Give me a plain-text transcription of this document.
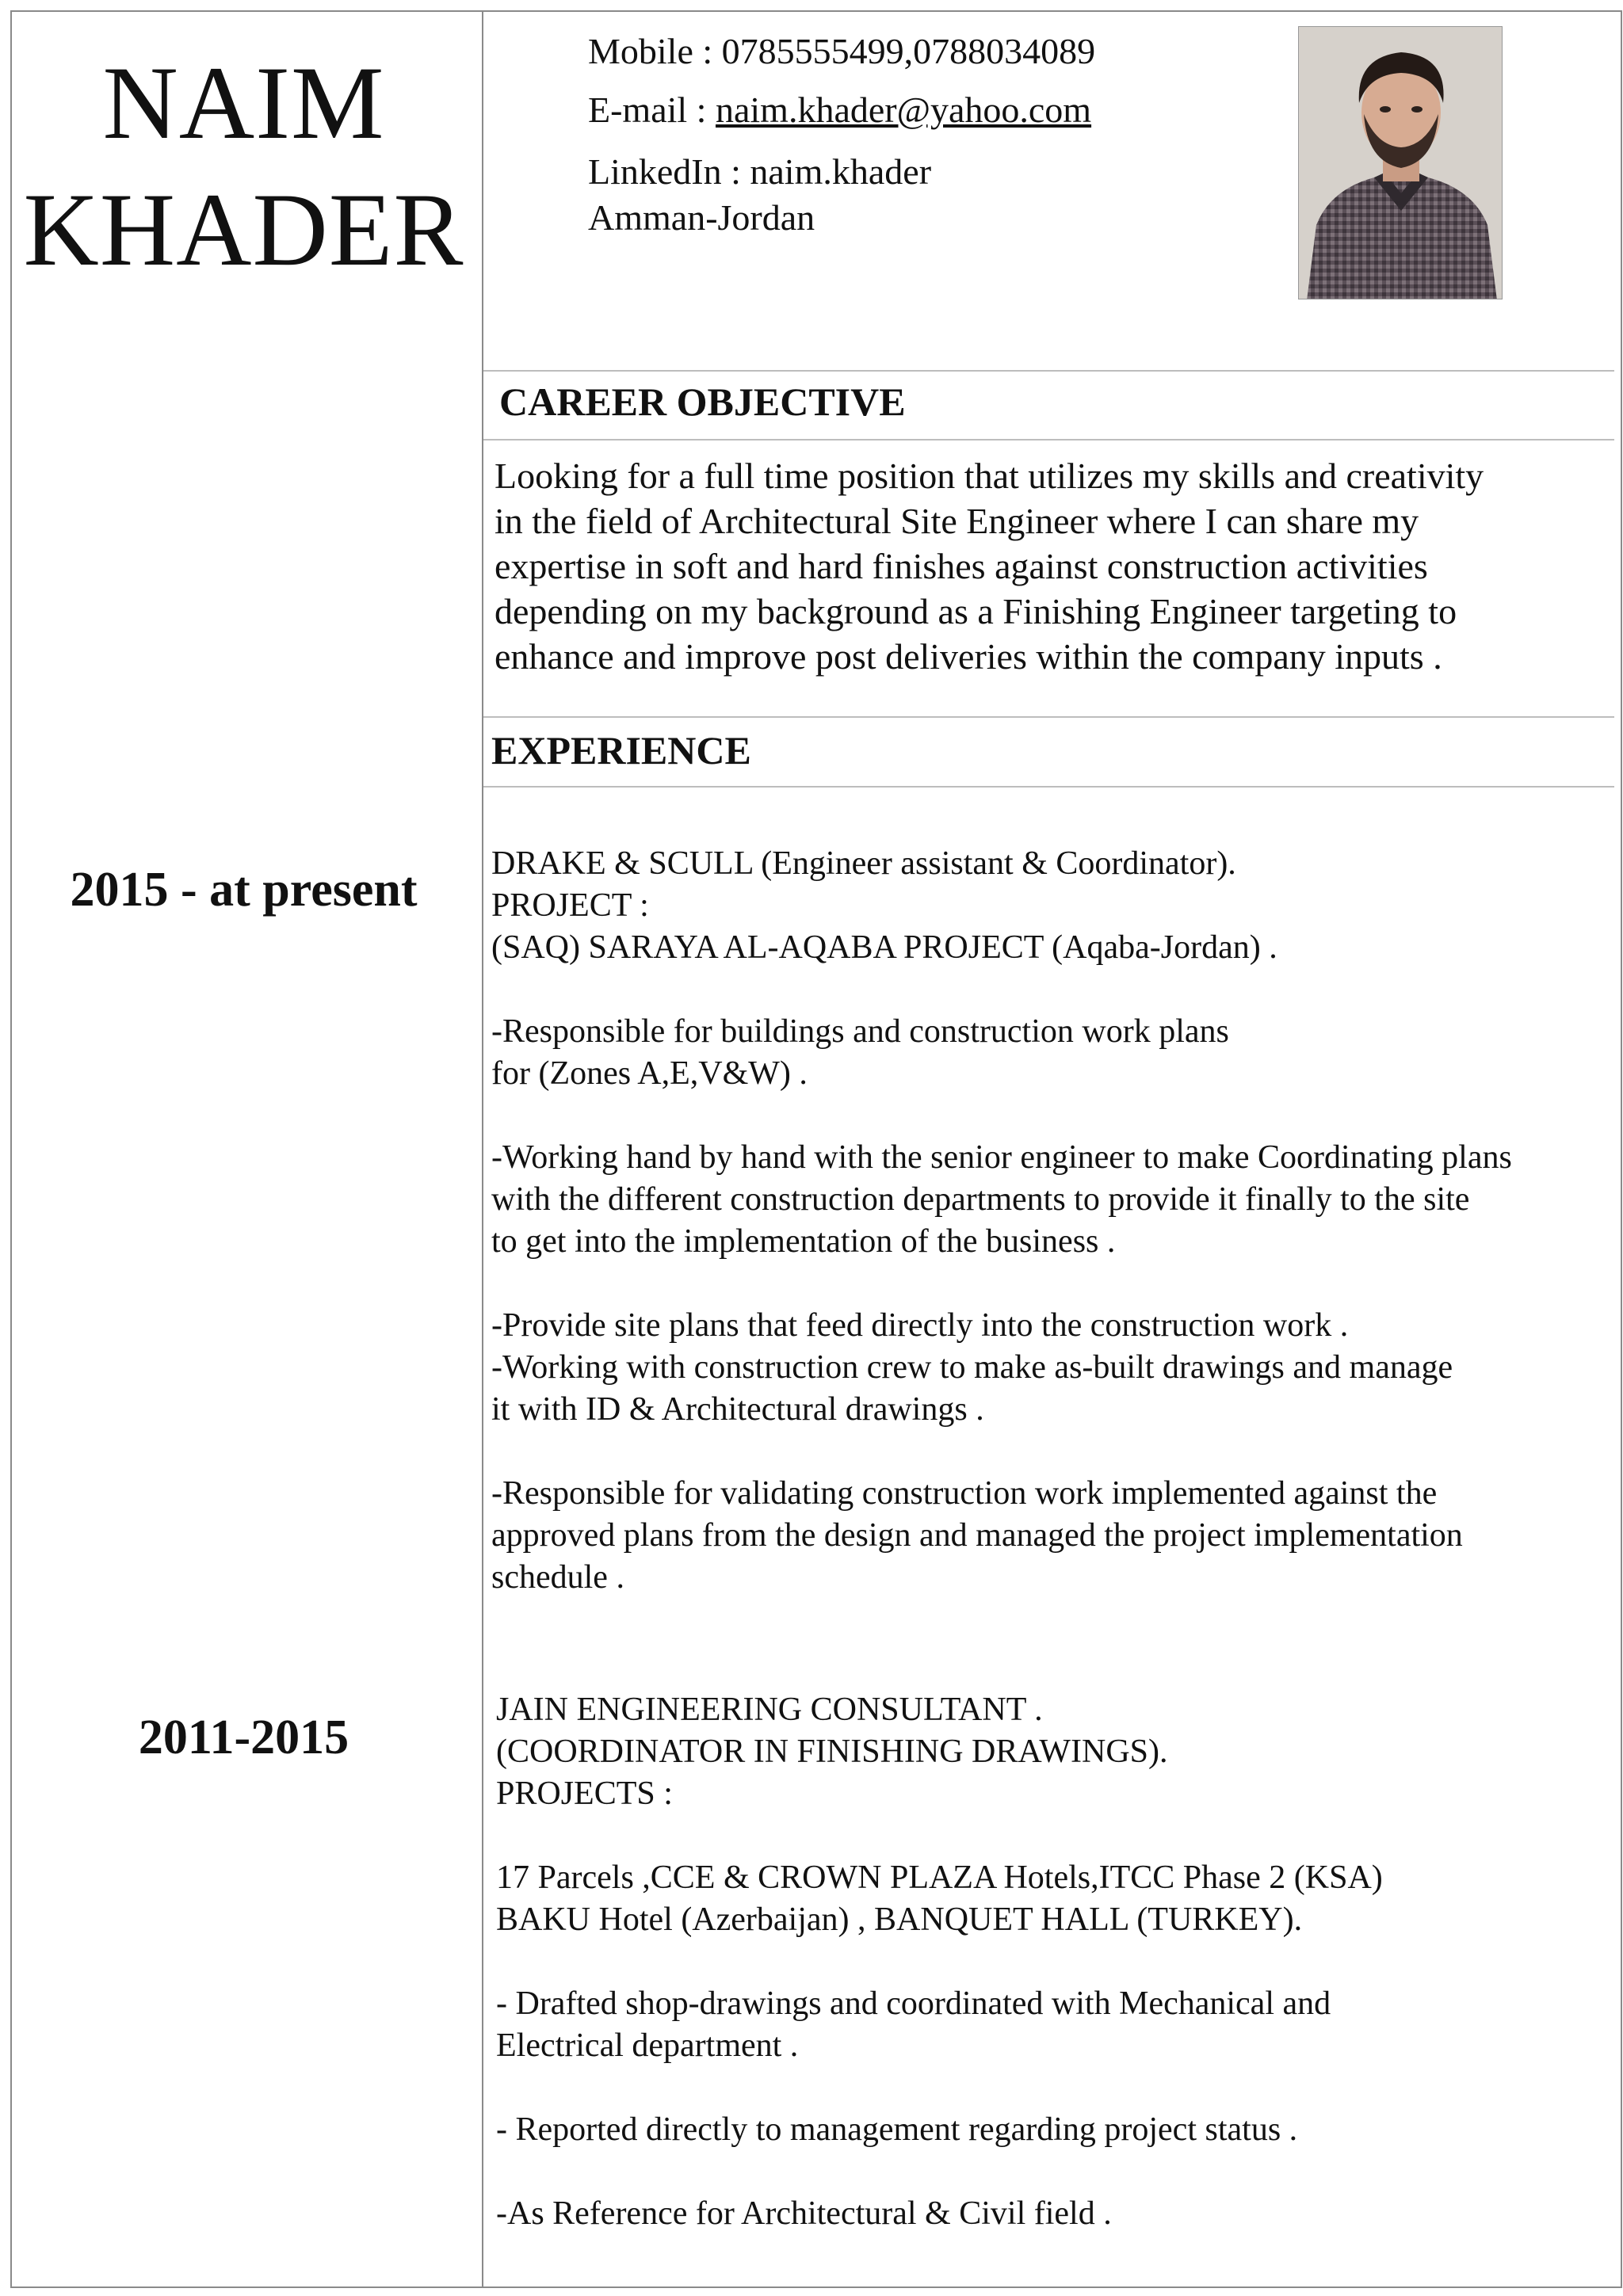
NAIM
KHADER
Mobile : 0785555499,0788034089
E-mail : naim.khader@yahoo.com
LinkedIn : naim.khader
Amman-Jordan
CAREER OBJECTIVE
Looking for a full time position that utilizes my skills and creativity
in the field of Architectural Site Engineer where I can share my
expertise in soft and hard finishes against construction activities
depending on my background as a Finishing Engineer targeting to
enhance and improve post deliveries within the company inputs .
EXPERIENCE
2015 - at present	DRAKE & SCULL (Engineer assistant & Coordinator).
PROJECT :
(SAQ) SARAYA AL-AQABA PROJECT (Aqaba-Jordan) .
-Responsible for buildings and construction work plans
for (Zones A,E,V&W) .
-Working hand by hand with the senior engineer to make Coordinating plans
with the different construction departments to provide it finally to the site
to get into the implementation of the business .
-Provide site plans that feed directly into the construction work .
-Working with construction crew to make as-built drawings and manage
it with ID & Architectural drawings .
-Responsible for validating construction work implemented against the
approved plans from the design and managed the project implementation
schedule .
2011-2015
JAIN ENGINEERING CONSULTANT .
(COORDINATOR IN FINISHING DRAWINGS).
PROJECTS :
17 Parcels ,CCE & CROWN PLAZA Hotels,ITCC Phase 2 (KSA)
BAKU Hotel (Azerbaijan) , BANQUET HALL (TURKEY).
- Drafted shop-drawings and coordinated with Mechanical and
Electrical department .
- Reported directly to management regarding project status .
-As Reference for Architectural & Civil field .
